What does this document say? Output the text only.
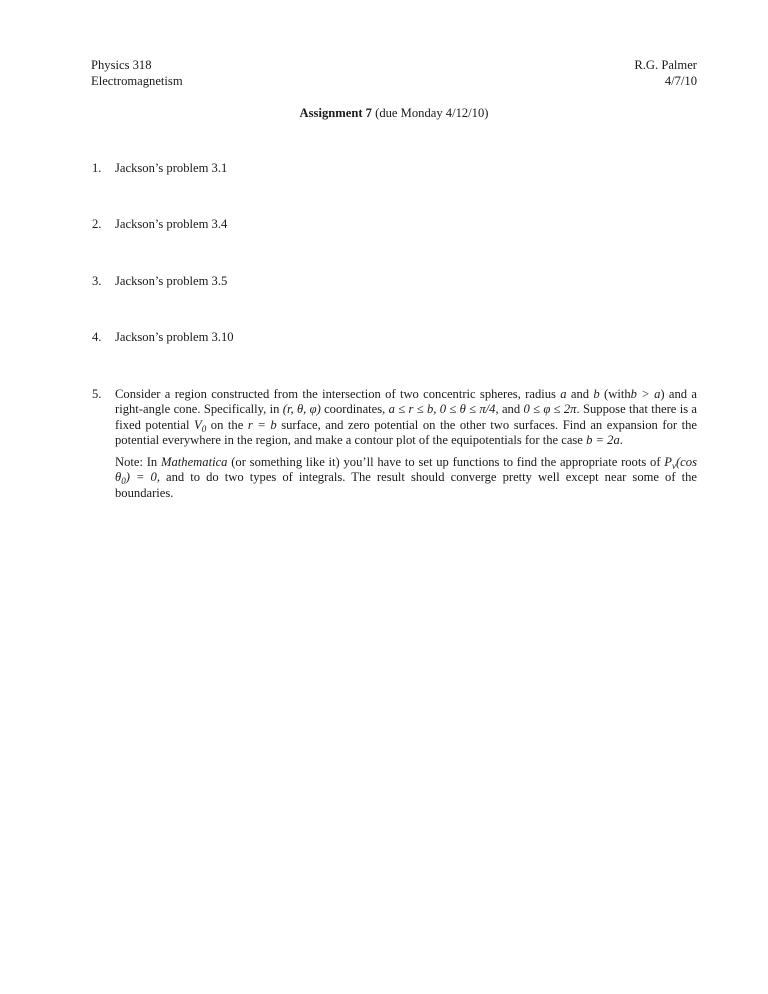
Physics 318
Electromagnetism
R.G. Palmer
4/7/10
Assignment 7 (due Monday 4/12/10)
1. Jackson’s problem 3.1
2. Jackson’s problem 3.4
3. Jackson’s problem 3.5
4. Jackson’s problem 3.10
5. Consider a region constructed from the intersection of two concentric spheres, radius a and b (withb > a) and a right-angle cone. Specifically, in (r, θ, φ) coordinates, a ≤ r ≤ b, 0 ≤ θ ≤ π/4, and 0 ≤ φ ≤ 2π. Suppose that there is a fixed potential $V_0$ on the r = b surface, and zero potential on the other two surfaces. Find an expansion for the potential everywhere in the region, and make a contour plot of the equipotentials for the case b = 2a.
Note: In Mathematica (or something like it) you’ll have to set up functions to find the appropriate roots of $P_\nu(\cos$ $\theta_0) = 0$, and to do two types of integrals. The result should converge pretty well except near some of the boundaries.
